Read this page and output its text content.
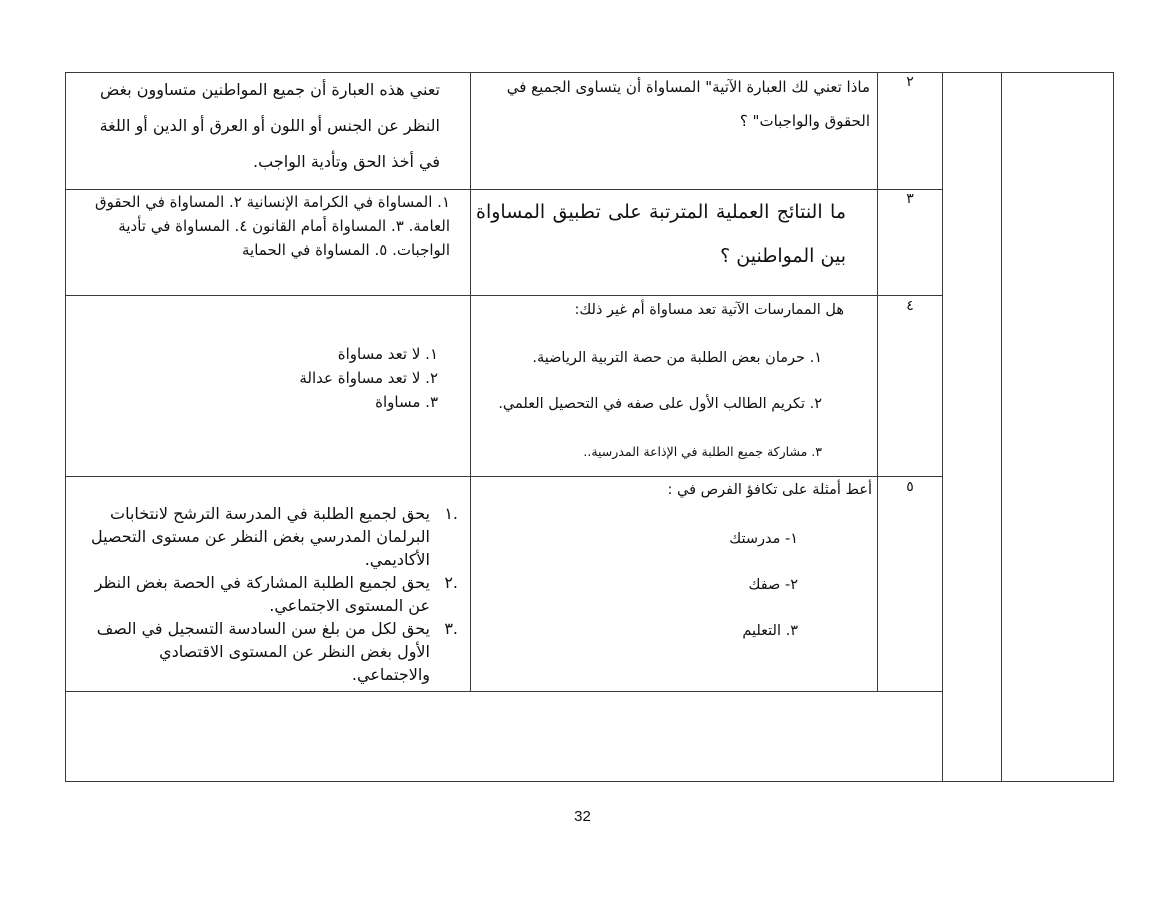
٢

ماذا تعني لك العبارة الآتية" المساواة أن يتساوى الجميع في الحقوق والواجبات" ؟

تعني هذه العبارة أن جميع المواطنين متساوون بغض النظر عن الجنس أو اللون أو العرق أو الدين أو اللغة في أخذ الحق وتأدية الواجب.

٣

ما النتائج العملية المترتبة على تطبيق المساواة بين المواطنين ؟

١. المساواة في الكرامة الإنسانية ٢. المساواة في الحقوق العامة. ٣. المساواة أمام القانون ٤. المساواة في تأدية الواجبات. ٥. المساواة في الحماية

٤
هل الممارسات الآتية تعد مساواة أم غير ذلك:
١. حرمان بعض الطلبة من حصة التربية الرياضية.
٢. تكريم الطالب الأول على صفه في التحصيل العلمي.
٣. مشاركة جميع الطلبة في الإذاعة المدرسية..
١. لا تعد مساواة
٢. لا تعد مساواة عدالة
٣. مساواة
٥
أعط أمثلة على تكافؤ الفرص في :
١- مدرستك
٢- صفك
٣. التعليم
.١
يحق لجميع الطلبة في المدرسة الترشح لانتخابات البرلمان المدرسي بغض النظر عن مستوى التحصيل الأكاديمي.
.٢
يحق لجميع الطلبة المشاركة في الحصة بغض النظر عن المستوى الاجتماعي.
.٣
يحق لكل من بلغ سن السادسة التسجيل في الصف الأول بغض النظر عن المستوى الاقتصادي والاجتماعي.
32
